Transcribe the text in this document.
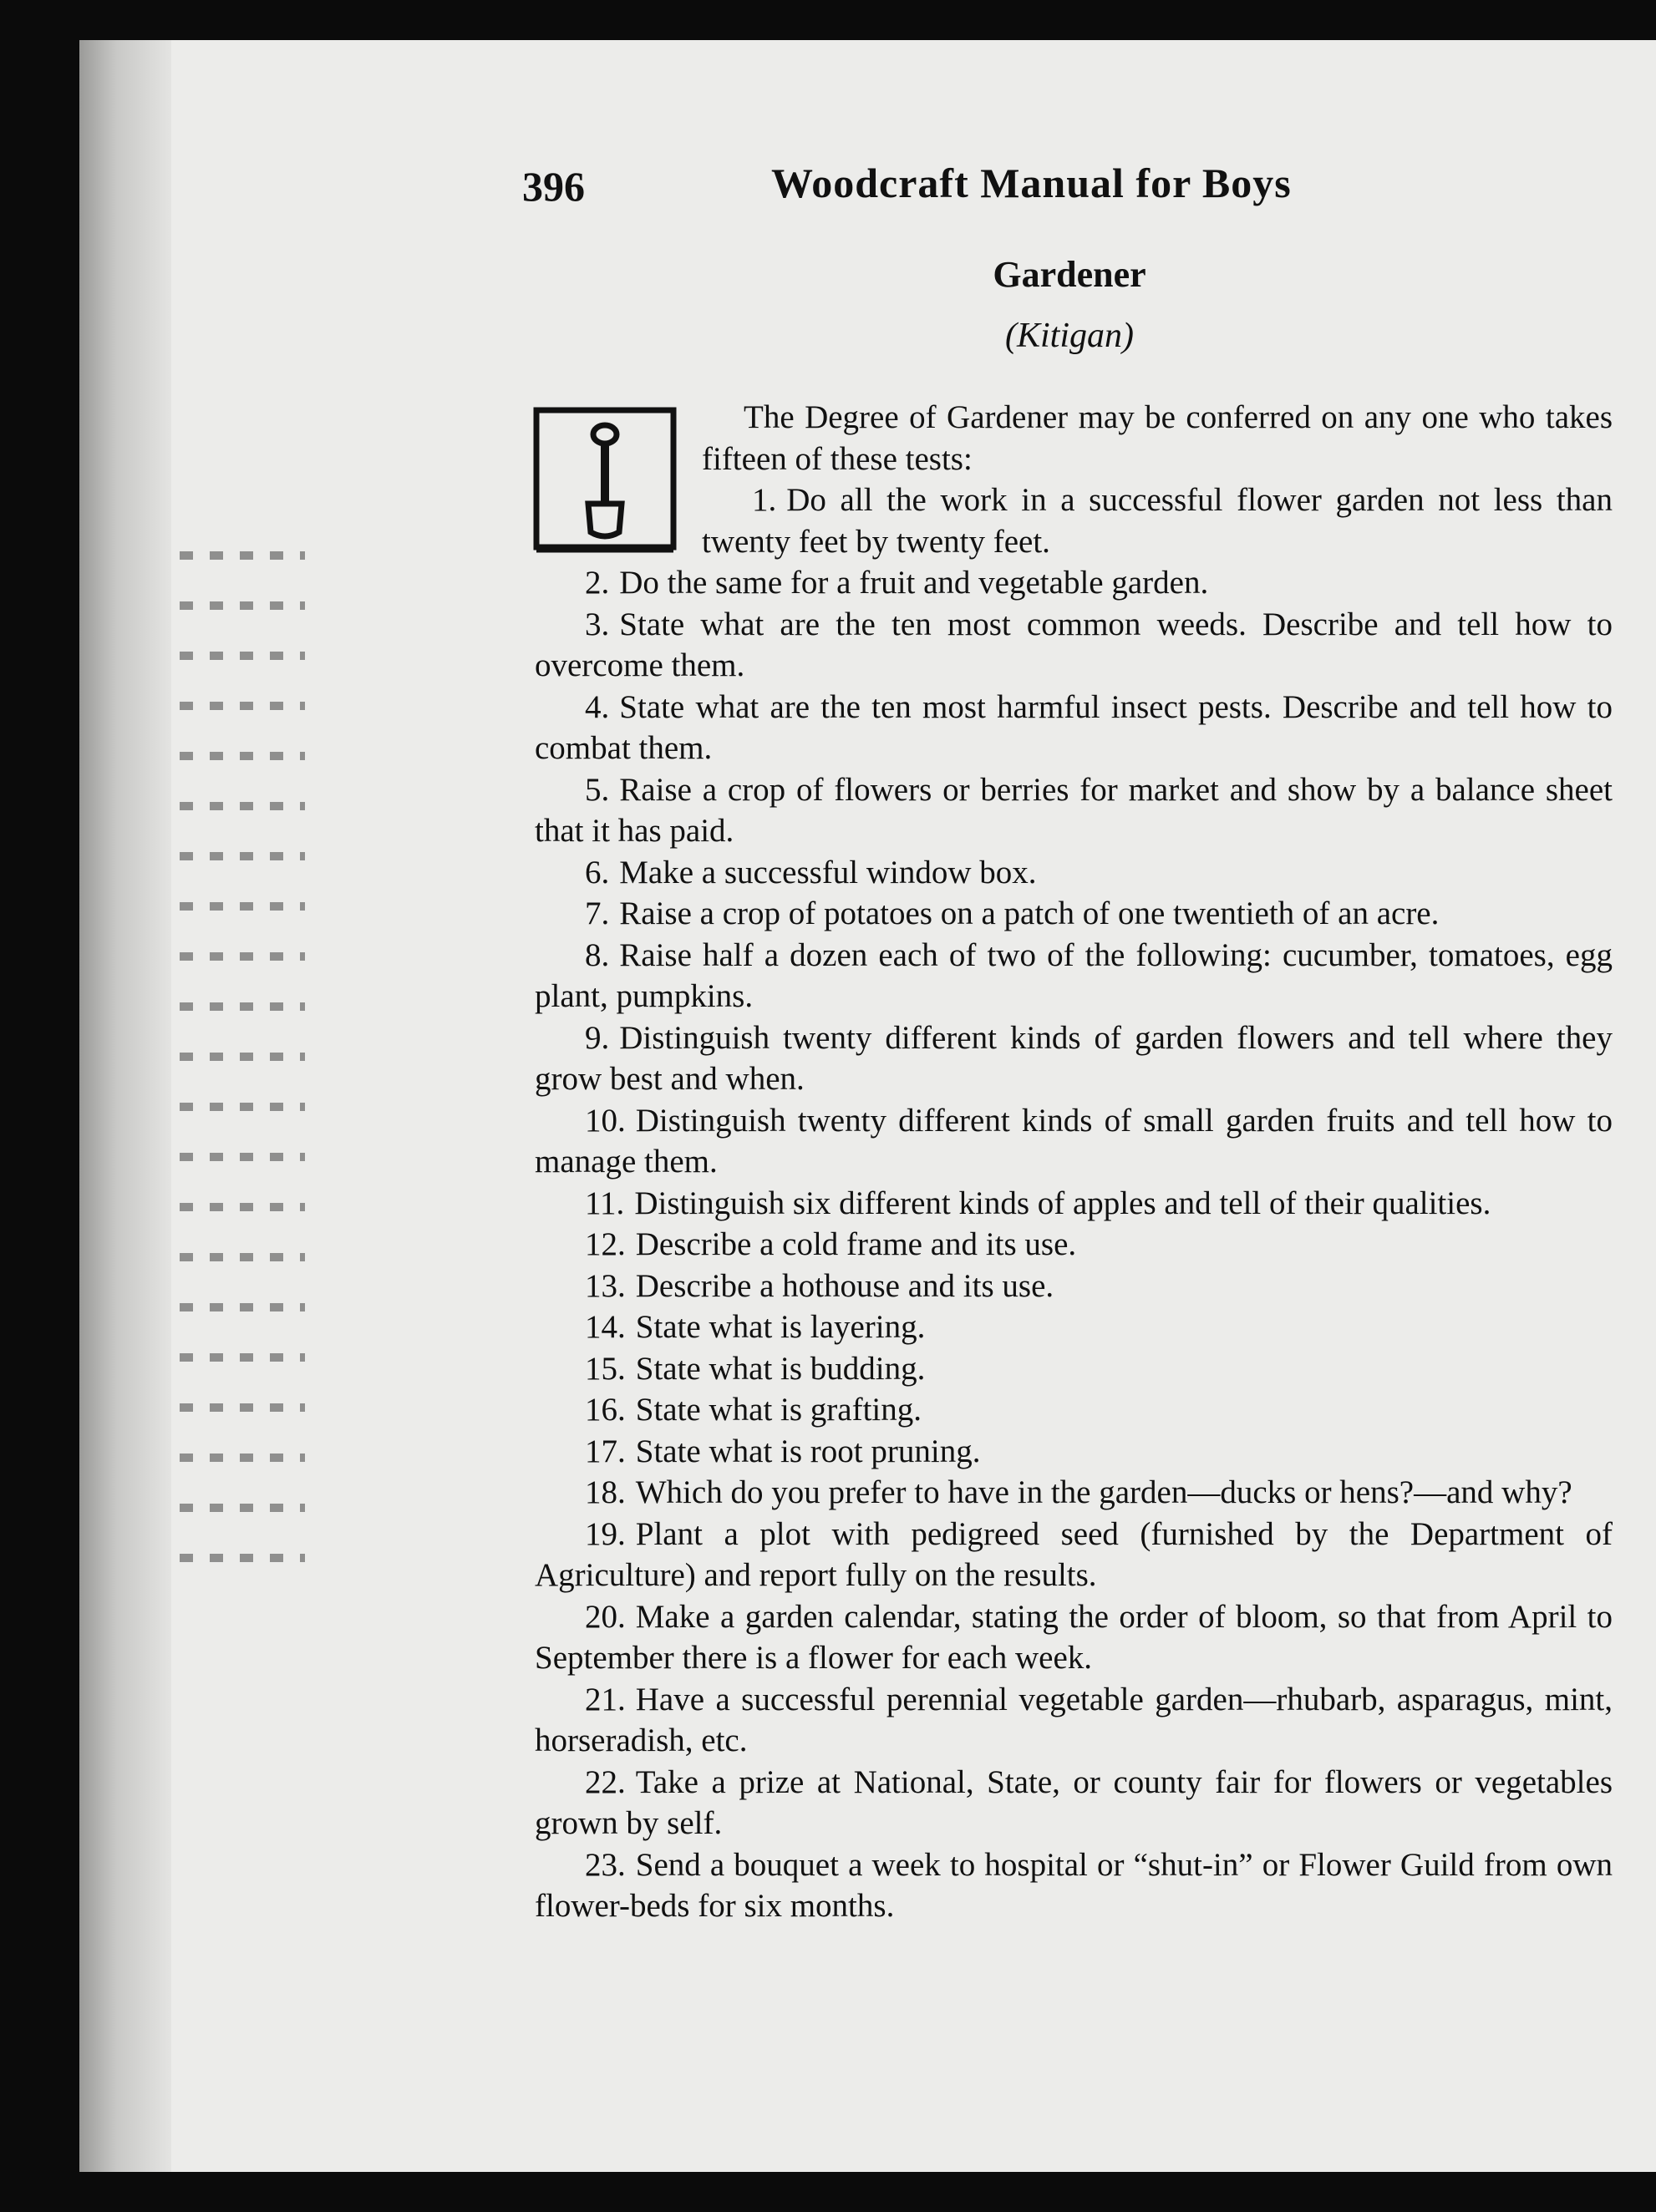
396	Woodcraft Manual for Boys
Gardener
(Kitigan)

The Degree of Gardener may be conferred on any one who takes fifteen of these tests:

1. Do all the work in a successful flower garden not less than twenty feet by twenty feet.

2. Do the same for a fruit and vegetable garden.

3. State what are the ten most common weeds. Describe and tell how to overcome them.

4. State what are the ten most harmful insect pests. Describe and tell how to combat them.

5. Raise a crop of flowers or berries for market and show by a balance sheet that it has paid.

6. Make a successful window box.

7. Raise a crop of potatoes on a patch of one twentieth of an acre.

8. Raise half a dozen each of two of the following: cucumber, tomatoes, egg plant, pumpkins.

9. Distinguish twenty different kinds of garden flowers and tell where they grow best and when.

10. Distinguish twenty different kinds of small garden fruits and tell how to manage them.

11. Distinguish six different kinds of apples and tell of their qualities.

12. Describe a cold frame and its use.

13. Describe a hothouse and its use.

14. State what is layering.

15. State what is budding.

16. State what is grafting.

17. State what is root pruning.

18. Which do you prefer to have in the garden—ducks or hens?—and why?

19. Plant a plot with pedigreed seed (furnished by the Department of Agriculture) and report fully on the results.

20. Make a garden calendar, stating the order of bloom, so that from April to September there is a flower for each week.

21. Have a successful perennial vegetable garden—rhubarb, asparagus, mint, horseradish, etc.

22. Take a prize at National, State, or county fair for flowers or vegetables grown by self.

23. Send a bouquet a week to hospital or “shut-in” or Flower Guild from own flower-beds for six months.
